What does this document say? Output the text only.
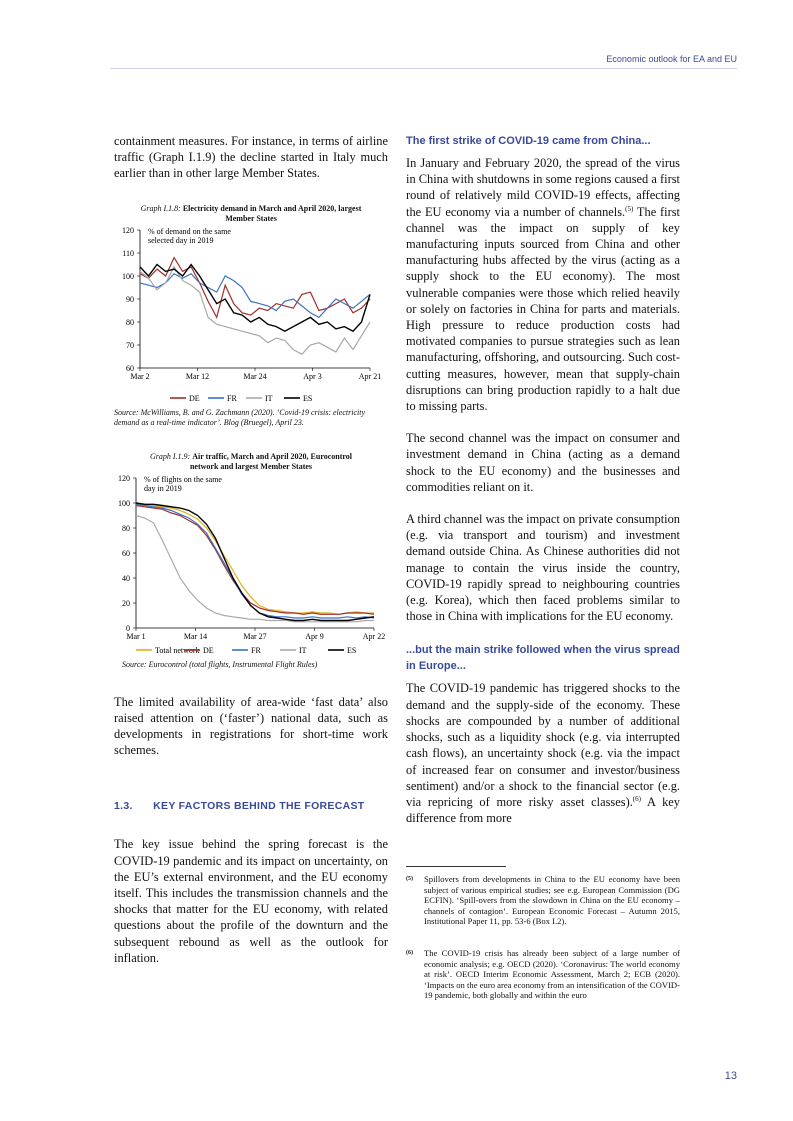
Economic outlook for EA and EU

containment measures. For instance, in terms of airline traffic (Graph I.1.9) the decline started in Italy much earlier than in other large Member States.

Graph I.1.8: Electricity demand in March and April 2020, largest Member States
120
110
100
90
80
70
60
Mar 2	Mar 12	Mar 24	Apr 3	Apr 21
% of demand on the same
selected day in 2019
DE	FR	IT	ES
Source: McWilliams, B. and G. Zachmann (2020). ‘Covid-19 crisis: electricity demand as a real-time indicator’. Blog (Bruegel), April 23.
Graph I.1.9: Air traffic, March and April 2020, Eurocontrol network and largest Member States
120
100
80
60
40
20
0
Mar 1	Mar 14	Mar 27	Apr 9	Apr 22
% of flights on the same
day in 2019
Total network DE	FR	IT	ES
Source: Eurocontrol (total flights, Instrumental Flight Rules)

The limited availability of area-wide ‘fast data’ also raised attention on (‘faster’) national data, such as developments in registrations for short-time work schemes.

1.3. KEY FACTORS BEHIND THE FORECAST

The key issue behind the spring forecast is the COVID-19 pandemic and its impact on uncertainty, on the EU’s external environment, and the EU economy itself. This includes the transmission channels and the shocks that matter for the EU economy, with related questions about the profile of the downturn and the subsequent rebound as well as the outlook for inflation.

The first strike of COVID-19 came from China...

In January and February 2020, the spread of the virus in China with shutdowns in some regions caused a first round of relatively mild COVID-19 effects, affecting the EU economy via a number of channels.$^{(5)}$ The first channel was the impact on supply of key manufacturing inputs sourced from China and other manufacturing hubs affected by the virus (acting as a supply shock to the EU economy). The most vulnerable companies were those which relied heavily or solely on factories in China for parts and materials. High pressure to reduce production costs had motivated companies to pursue strategies such as lean manufacturing, offshoring, and outsourcing. Such cost-cutting measures, however, mean that supply-chain disruptions can bring production rapidly to a halt due to missing parts.

The second channel was the impact on consumer and investment demand in China (acting as a demand shock to the EU economy) and the businesses and commodities reliant on it.

A third channel was the impact on private consumption (e.g. via transport and tourism) and investment demand outside China. As Chinese authorities did not manage to contain the virus inside the country, COVID-19 rapidly spread to neighbouring countries (e.g. Korea), which then faced problems similar to those in China with implications for the EU economy.

...but the main strike followed when the virus spread in Europe...

The COVID-19 pandemic has triggered shocks to the demand and the supply-side of the economy. These shocks are compounded by a number of additional shocks, such as a liquidity shock (e.g. via interrupted cash flows), an uncertainty shock (e.g. via the impact of increased fear on consumer and investor/business sentiment) and/or a shock to the financial sector (e.g. via repricing of more risky asset classes).$^{(6)}$ A key difference from more

(5) Spillovers from developments in China to the EU economy have been subject of various empirical studies; see e.g. European Commission (DG ECFIN). ‘Spill-overs from the slowdown in China on the EU economy – channels of contagion’. European Economic Forecast – Autumn 2015, Institutional Paper 11, pp. 53-6 (Box I.2).
(6) The COVID-19 crisis has already been subject of a large number of economic analysis; e.g. OECD (2020). ‘Coronavirus: The world economy at risk’. OECD Interim Economic Assessment, March 2; ECB (2020). ‘Impacts on the euro area economy from an intensification of the COVID-19 pandemic, both globally and within the euro
13
